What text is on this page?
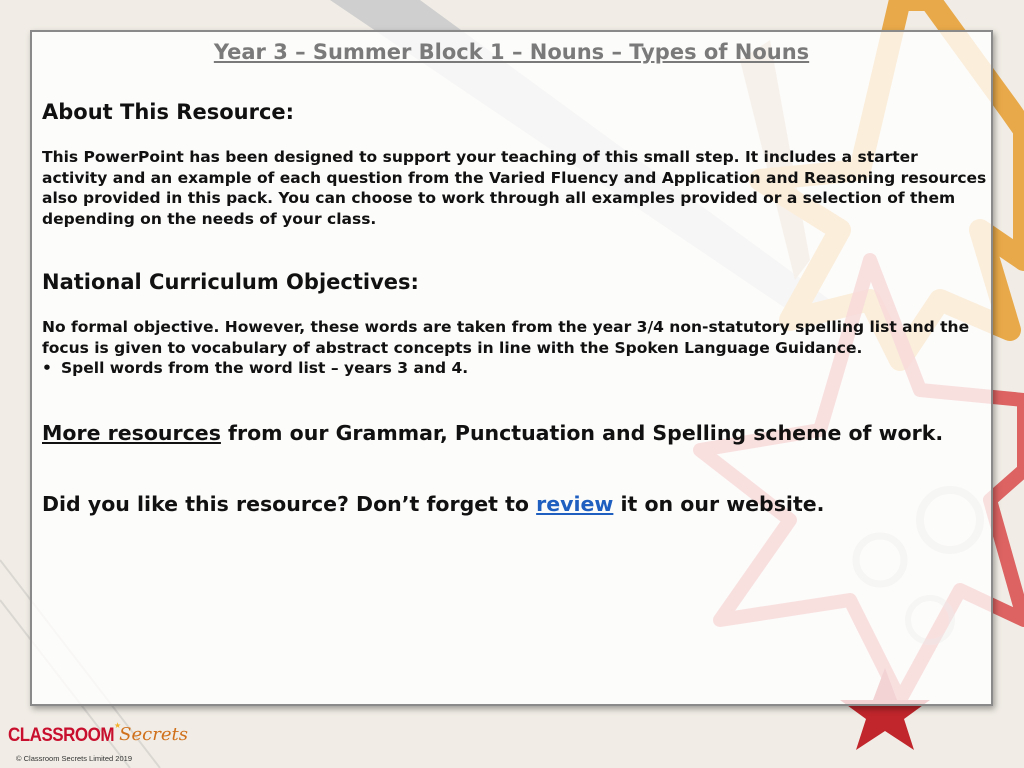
Year 3 – Summer Block 1 – Nouns – Types of Nouns
About This Resource:
This PowerPoint has been designed to support your teaching of this small step. It includes a starter activity and an example of each question from the Varied Fluency and Application and Reasoning resources also provided in this pack. You can choose to work through all examples provided or a selection of them depending on the needs of your class.
National Curriculum Objectives:
No formal objective. However, these words are taken from the year 3/4 non-statutory spelling list and the focus is given to vocabulary of abstract concepts in line with the Spoken Language Guidance.
• Spell words from the word list – years 3 and 4.
More resources from our Grammar, Punctuation and Spelling scheme of work.
Did you like this resource? Don’t forget to review it on our website.
CLASSROOM★Secrets
© Classroom Secrets Limited 2019
